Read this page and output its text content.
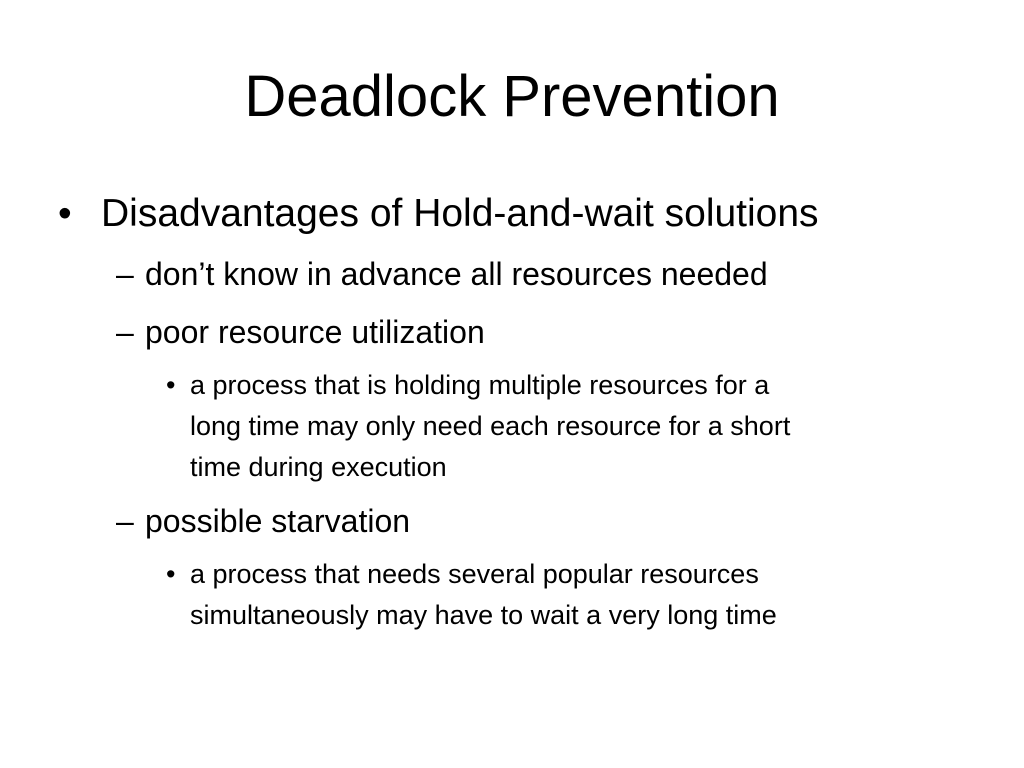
Deadlock Prevention
• Disadvantages of Hold-and-wait solutions
– don’t know in advance all resources needed
– poor resource utilization
• a process that is holding multiple resources for a
long time may only need each resource for a short
time during execution
– possible starvation
• a process that needs several popular resources
simultaneously may have to wait a very long time
